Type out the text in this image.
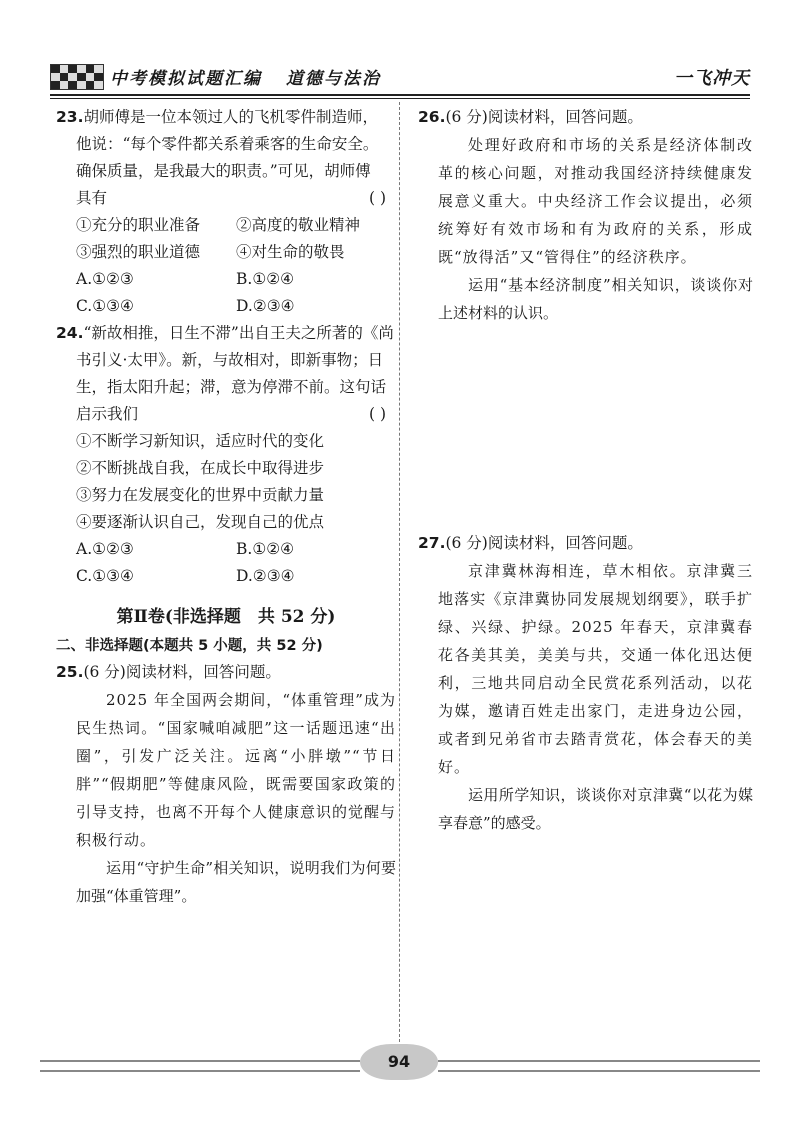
中考模拟试题汇编 道德与法治	一飞冲天
23.胡师傅是一位本领过人的飞机零件制造师，
他说：“每个零件都关系着乘客的生命安全。
确保质量，是我最大的职责。”可见，胡师傅
具有	( )
①充分的职业准备	②高度的敬业精神
③强烈的职业道德	④对生命的敬畏
A.①②③	B.①②④
C.①③④	D.②③④
24.“新故相推，日生不滞”出自王夫之所著的《尚
书引义·太甲》。新，与故相对，即新事物；日
生，指太阳升起；滞，意为停滞不前。这句话
启示我们	( )
①不断学习新知识，适应时代的变化
②不断挑战自我，在成长中取得进步
③努力在发展变化的世界中贡献力量
④要逐渐认识自己，发现自己的优点
A.①②③	B.①②④
C.①③④	D.②③④
第Ⅱ卷(非选择题　共 52 分)
二、非选择题(本题共 5 小题，共 52 分)
25.(6 分)阅读材料，回答问题。
2025 年全国两会期间，“体重管理”成为民生热词。“国家喊咱减肥”这一话题迅速“出圈”，引发广泛关注。远离“小胖墩”“节日胖”“假期肥”等健康风险，既需要国家政策的引导支持，也离不开每个人健康意识的觉醒与积极行动。
运用“守护生命”相关知识，说明我们为何要加强“体重管理”。
26.(6 分)阅读材料，回答问题。
处理好政府和市场的关系是经济体制改革的核心问题，对推动我国经济持续健康发展意义重大。中央经济工作会议提出，必须统筹好有效市场和有为政府的关系，形成既“放得活”又“管得住”的经济秩序。
运用“基本经济制度”相关知识，谈谈你对上述材料的认识。
27.(6 分)阅读材料，回答问题。
京津冀林海相连，草木相依。京津冀三地落实《京津冀协同发展规划纲要》，联手扩绿、兴绿、护绿。2025 年春天，京津冀春花各美其美，美美与共，交通一体化迅达便利，三地共同启动全民赏花系列活动，以花为媒，邀请百姓走出家门，走进身边公园，或者到兄弟省市去踏青赏花，体会春天的美好。
运用所学知识，谈谈你对京津冀“以花为媒享春意”的感受。
94
